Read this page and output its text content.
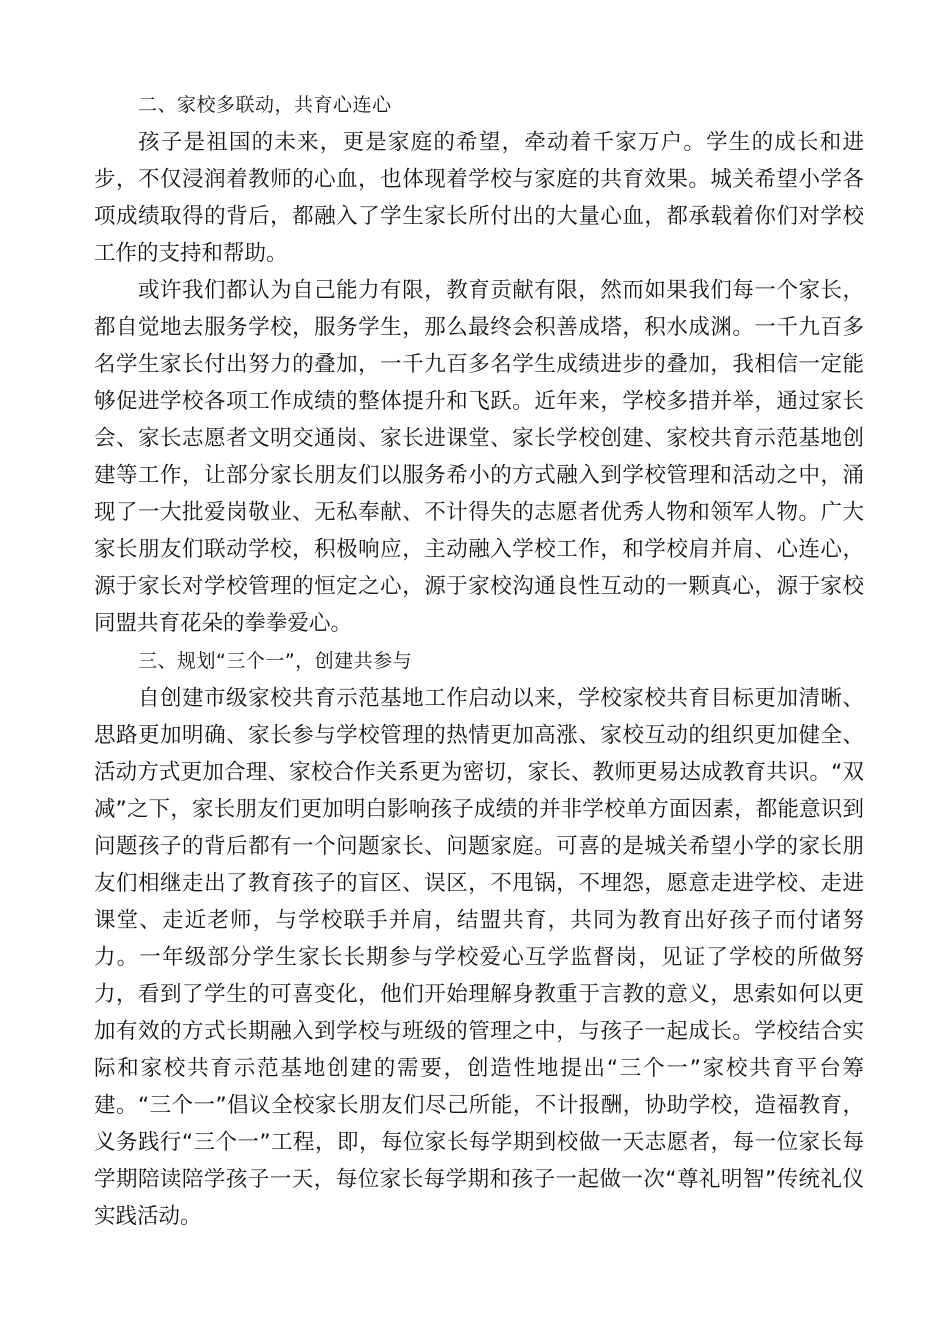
二、家校多联动，共育心连心

孩子是祖国的未来，更是家庭的希望，牵动着千家万户。学生的成长和进步，不仅浸润着教师的心血，也体现着学校与家庭的共育效果。城关希望小学各项成绩取得的背后，都融入了学生家长所付出的大量心血，都承载着你们对学校工作的支持和帮助。

或许我们都认为自己能力有限，教育贡献有限，然而如果我们每一个家长，都自觉地去服务学校，服务学生，那么最终会积善成塔，积水成渊。一千九百多名学生家长付出努力的叠加，一千九百多名学生成绩进步的叠加，我相信一定能够促进学校各项工作成绩的整体提升和飞跃。近年来，学校多措并举，通过家长会、家长志愿者文明交通岗、家长进课堂、家长学校创建、家校共育示范基地创建等工作，让部分家长朋友们以服务希小的方式融入到学校管理和活动之中，涌现了一大批爱岗敬业、无私奉献、不计得失的志愿者优秀人物和领军人物。广大家长朋友们联动学校，积极响应，主动融入学校工作，和学校肩并肩、心连心，源于家长对学校管理的恒定之心，源于家校沟通良性互动的一颗真心，源于家校同盟共育花朵的拳拳爱心。

三、规划“三个一”，创建共参与

自创建市级家校共育示范基地工作启动以来，学校家校共育目标更加清晰、思路更加明确、家长参与学校管理的热情更加高涨、家校互动的组织更加健全、活动方式更加合理、家校合作关系更为密切，家长、教师更易达成教育共识。“双减”之下，家长朋友们更加明白影响孩子成绩的并非学校单方面因素，都能意识到问题孩子的背后都有一个问题家长、问题家庭。可喜的是城关希望小学的家长朋友们相继走出了教育孩子的盲区、误区，不甩锅，不埋怨，愿意走进学校、走进课堂、走近老师，与学校联手并肩，结盟共育，共同为教育出好孩子而付诸努力。一年级部分学生家长长期参与学校爱心互学监督岗，见证了学校的所做努力，看到了学生的可喜变化，他们开始理解身教重于言教的意义，思索如何以更加有效的方式长期融入到学校与班级的管理之中，与孩子一起成长。学校结合实际和家校共育示范基地创建的需要，创造性地提出“三个一”家校共育平台筹建。“三个一”倡议全校家长朋友们尽己所能，不计报酬，协助学校，造福教育，义务践行“三个一”工程，即，每位家长每学期到校做一天志愿者，每一位家长每学期陪读陪学孩子一天，每位家长每学期和孩子一起做一次“尊礼明智”传统礼仪实践活动。
